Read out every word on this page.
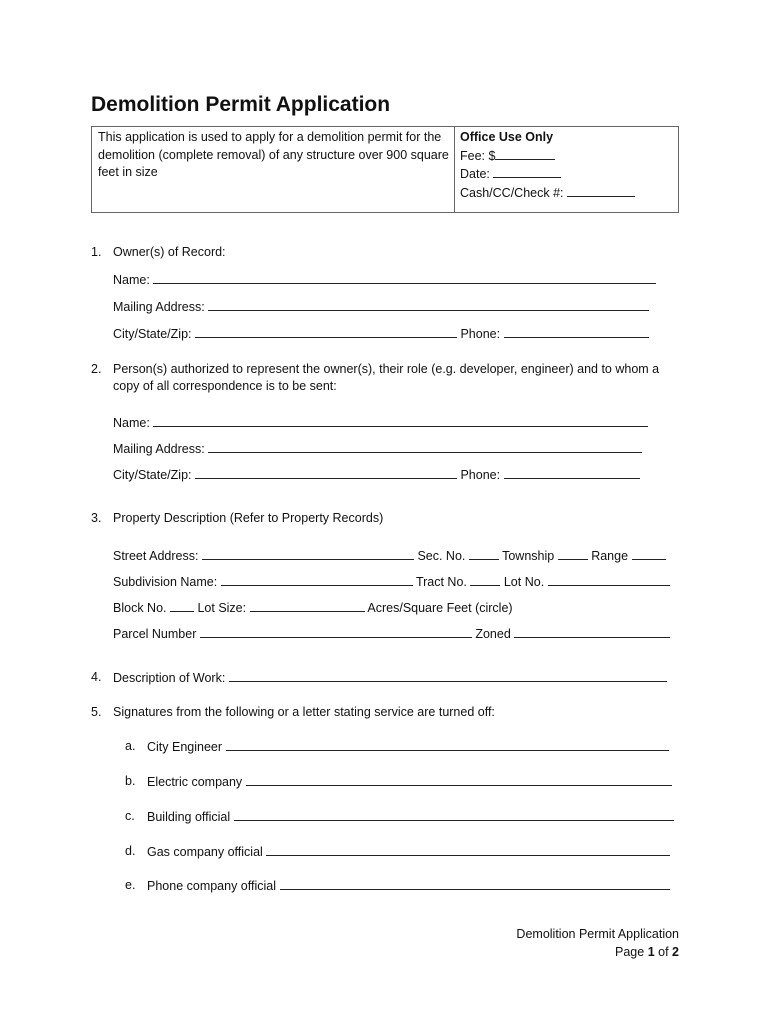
Demolition Permit Application
This application is used to apply for a demolition permit for the demolition (complete removal) of any structure over 900 square feet in size
Office Use Only
Fee: $
Date:
Cash/CC/Check #:
1. Owner(s) of Record:
Name:
Mailing Address:
City/State/Zip:	Phone:
2. Person(s) authorized to represent the owner(s), their role (e.g. developer, engineer) and to whom a copy of all correspondence is to be sent:
Name:
Mailing Address:
City/State/Zip:	Phone:
3. Property Description (Refer to Property Records)
Street Address:	Sec. No.	Township	Range
Subdivision Name:	Tract No.	Lot No.
Block No. Lot Size:	Acres/Square Feet (circle)
Parcel Number	Zoned
4. Description of Work:
5. Signatures from the following or a letter stating service are turned off:
a. City Engineer
b. Electric company
c. Building official
d. Gas company official
e. Phone company official
Demolition Permit Application
Page 1 of 2
